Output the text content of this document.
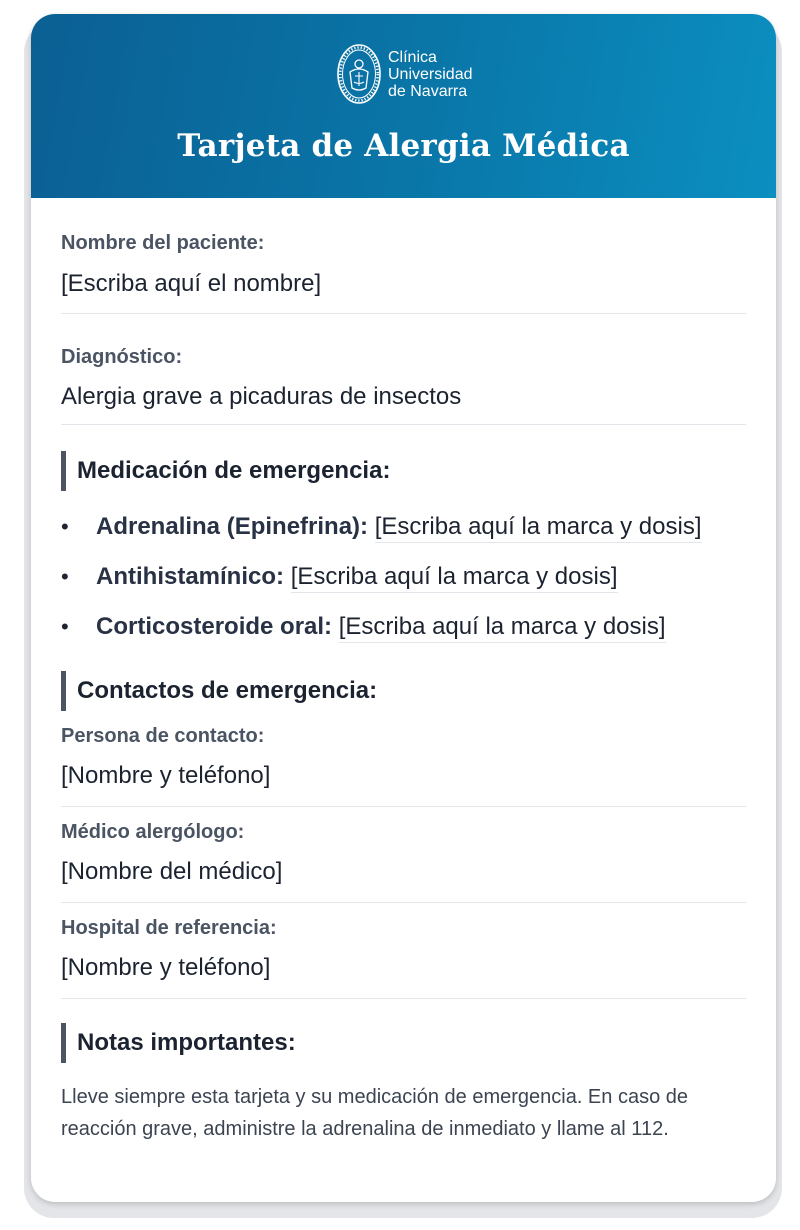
Clínica
Universidad
de Navarra
Tarjeta de Alergia Médica
Nombre del paciente:
[Escriba aquí el nombre]
Diagnóstico:
Alergia grave a picaduras de insectos
Medicación de emergencia:
• Adrenalina (Epinefrina): [Escriba aquí la marca y dosis]
• Antihistamínico: [Escriba aquí la marca y dosis]
• Corticosteroide oral: [Escriba aquí la marca y dosis]
Contactos de emergencia:
Persona de contacto:
[Nombre y teléfono]
Médico alergólogo:
[Nombre del médico]
Hospital de referencia:
[Nombre y teléfono]
Notas importantes:

Lleve siempre esta tarjeta y su medicación de emergencia. En caso de reacción grave, administre la adrenalina de inmediato y llame al 112.
